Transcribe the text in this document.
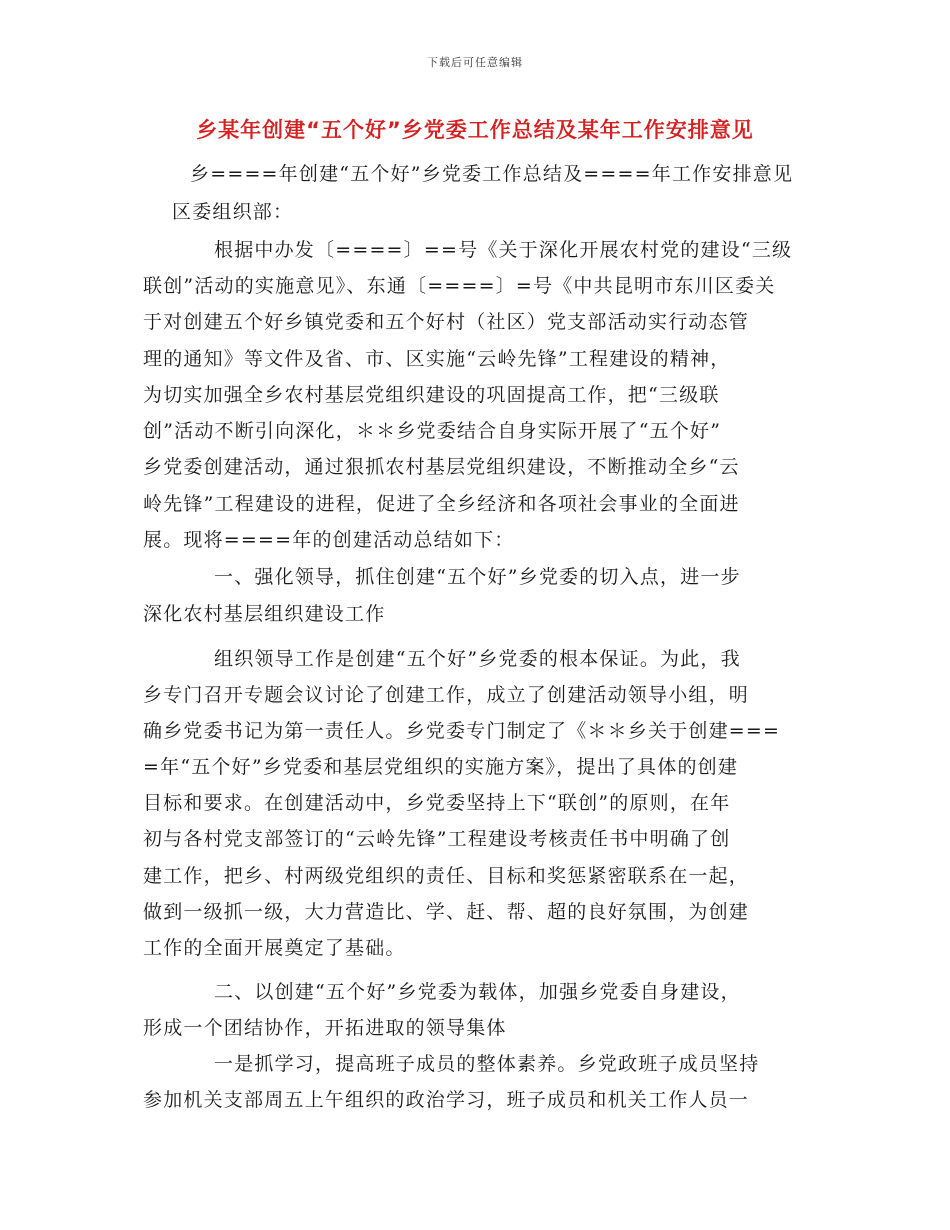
下载后可任意编辑
乡某年创建“五个好”乡党委工作总结及某年工作安排意见
乡====年创建“五个好”乡党委工作总结及====年工作安排意见
区委组织部：
根据中办发〔====〕==号《关于深化开展农村党的建设“三级
联创”活动的实施意见》、东通〔====〕=号《中共昆明市东川区委关
于对创建五个好乡镇党委和五个好村（社区）党支部活动实行动态管
理的通知》等文件及省、市、区实施“云岭先锋”工程建设的精神，
为切实加强全乡农村基层党组织建设的巩固提高工作，把“三级联
创”活动不断引向深化，＊＊乡党委结合自身实际开展了“五个好”
乡党委创建活动，通过狠抓农村基层党组织建设，不断推动全乡“云
岭先锋”工程建设的进程，促进了全乡经济和各项社会事业的全面进
展。现将====年的创建活动总结如下：
一、强化领导，抓住创建“五个好”乡党委的切入点，进一步
深化农村基层组织建设工作
组织领导工作是创建“五个好”乡党委的根本保证。为此，我
乡专门召开专题会议讨论了创建工作，成立了创建活动领导小组，明
确乡党委书记为第一责任人。乡党委专门制定了《＊＊乡关于创建===
=年“五个好”乡党委和基层党组织的实施方案》，提出了具体的创建
目标和要求。在创建活动中，乡党委坚持上下“联创”的原则，在年
初与各村党支部签订的“云岭先锋”工程建设考核责任书中明确了创
建工作，把乡、村两级党组织的责任、目标和奖惩紧密联系在一起，
做到一级抓一级，大力营造比、学、赶、帮、超的良好氛围，为创建
工作的全面开展奠定了基础。
二、以创建“五个好”乡党委为载体，加强乡党委自身建设，
形成一个团结协作，开拓进取的领导集体
一是抓学习，提高班子成员的整体素养。乡党政班子成员坚持
参加机关支部周五上午组织的政治学习，班子成员和机关工作人员一
